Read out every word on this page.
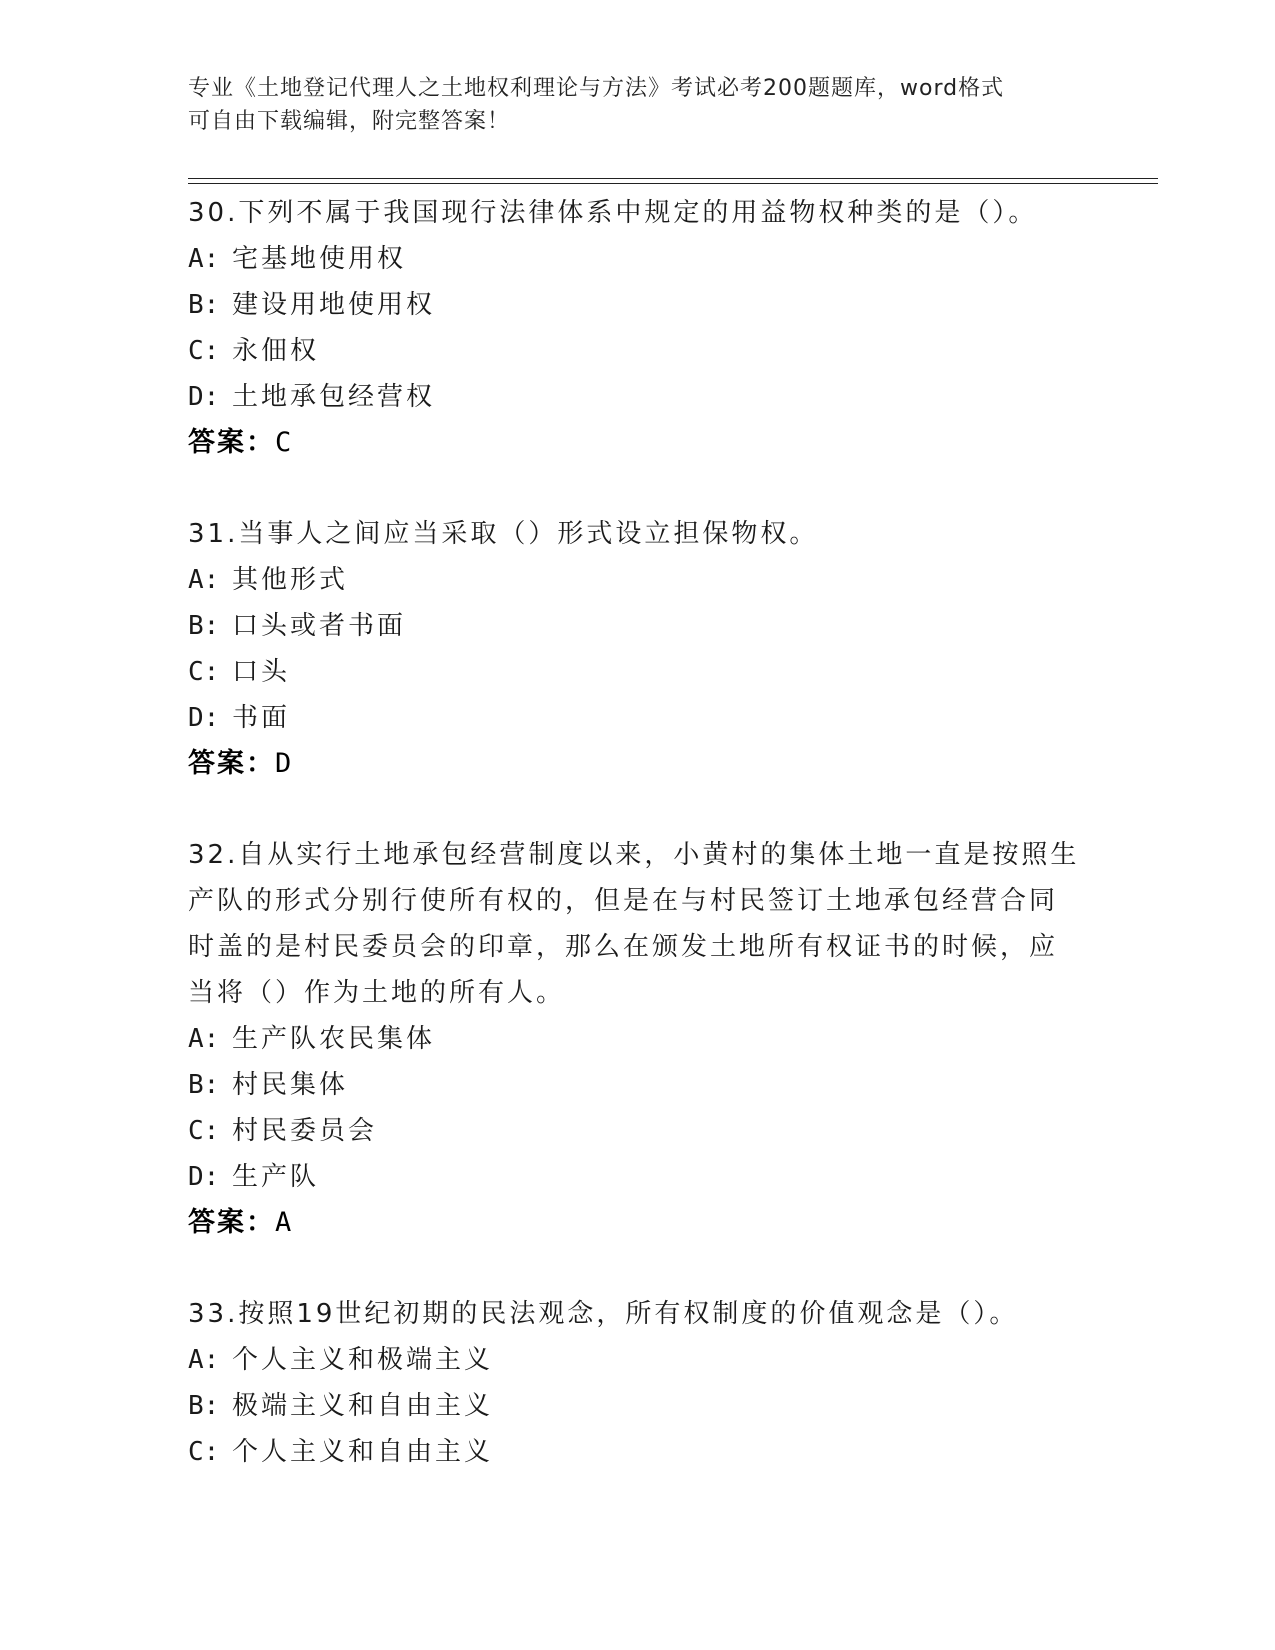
专业《土地登记代理人之土地权利理论与方法》考试必考200题题库，word格式
可自由下载编辑，附完整答案！
30.下列不属于我国现行法律体系中规定的用益物权种类的是（）。
A: 宅基地使用权
B: 建设用地使用权
C: 永佃权
D: 土地承包经营权
答案：C
31.当事人之间应当采取（）形式设立担保物权。
A: 其他形式
B: 口头或者书面
C: 口头
D: 书面
答案：D
32.自从实行土地承包经营制度以来，小黄村的集体土地一直是按照生
产队的形式分别行使所有权的，但是在与村民签订土地承包经营合同
时盖的是村民委员会的印章，那么在颁发土地所有权证书的时候，应
当将（）作为土地的所有人。
A: 生产队农民集体
B: 村民集体
C: 村民委员会
D: 生产队
答案：A
33.按照19世纪初期的民法观念，所有权制度的价值观念是（）。
A: 个人主义和极端主义
B: 极端主义和自由主义
C: 个人主义和自由主义
